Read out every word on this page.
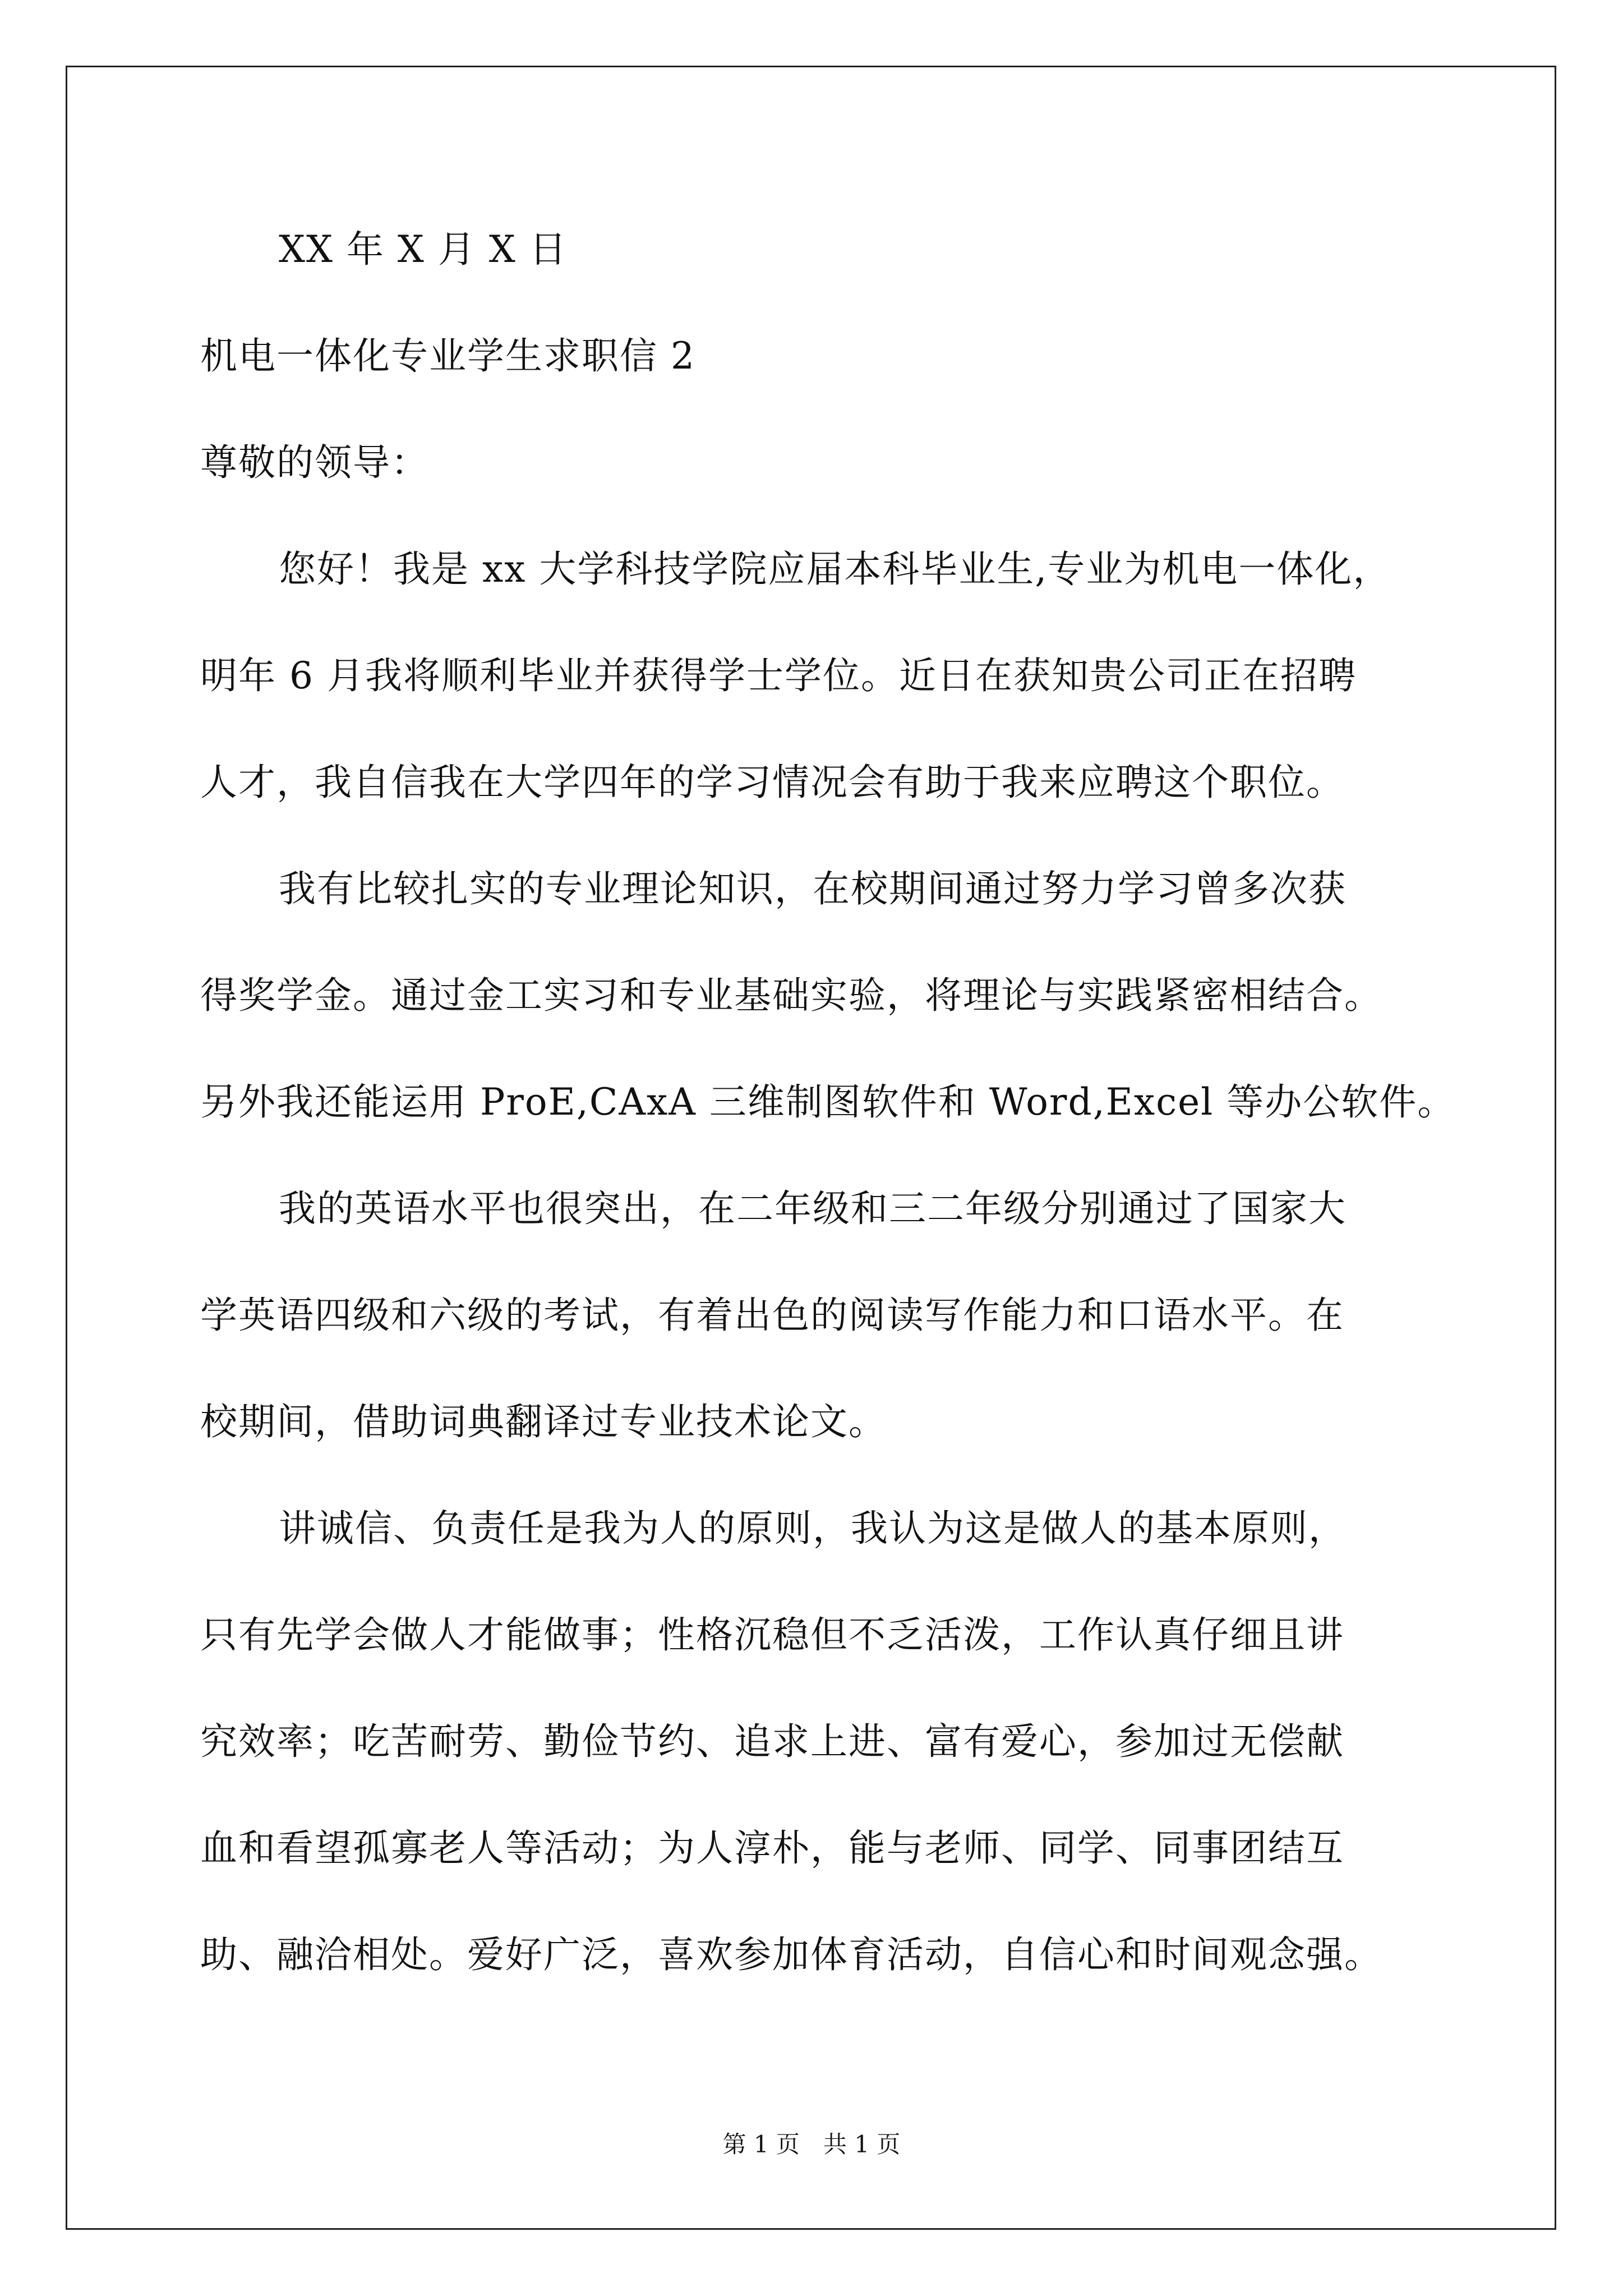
XX 年 X 月 X 日
机电一体化专业学生求职信 2
尊敬的领导：
您好！我是 xx 大学科技学院应届本科毕业生,专业为机电一体化，
明年 6 月我将顺利毕业并获得学士学位。近日在获知贵公司正在招聘
人才，我自信我在大学四年的学习情况会有助于我来应聘这个职位。
我有比较扎实的专业理论知识，在校期间通过努力学习曾多次获
得奖学金。通过金工实习和专业基础实验，将理论与实践紧密相结合。
另外我还能运用 ProE,CAxA 三维制图软件和 Word,Excel 等办公软件。
我的英语水平也很突出，在二年级和三二年级分别通过了国家大
学英语四级和六级的考试，有着出色的阅读写作能力和口语水平。在
校期间，借助词典翻译过专业技术论文。
讲诚信、负责任是我为人的原则，我认为这是做人的基本原则，
只有先学会做人才能做事；性格沉稳但不乏活泼，工作认真仔细且讲
究效率；吃苦耐劳、勤俭节约、追求上进、富有爱心，参加过无偿献
血和看望孤寡老人等活动；为人淳朴，能与老师、同学、同事团结互
助、融洽相处。爱好广泛，喜欢参加体育活动，自信心和时间观念强。
第 1 页　共 1 页
